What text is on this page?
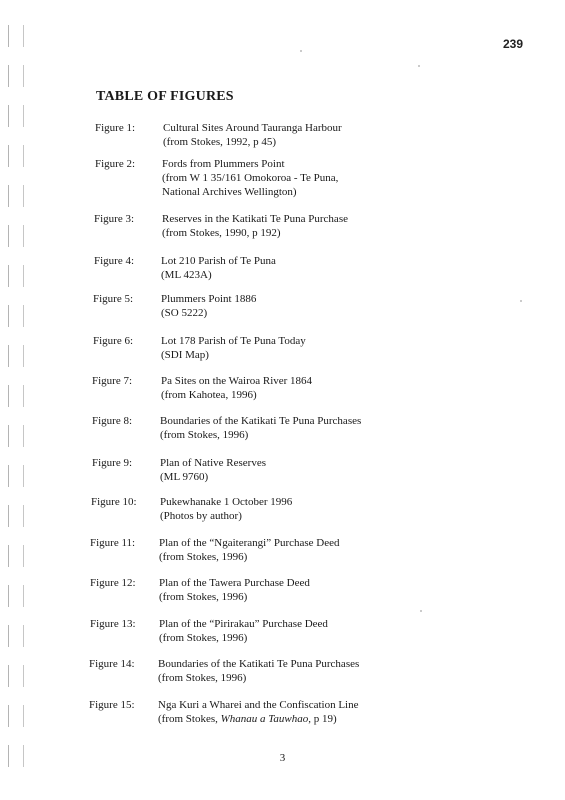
239
TABLE OF FIGURES
Figure 1:	Cultural Sites Around Tauranga Harbour
(from Stokes, 1992, p 45)
Figure 2: Fords from Plummers Point
(from W 1 35/161 Omokoroa - Te Puna,
National Archives Wellington)
Figure 3:	Reserves in the Katikati Te Puna Purchase
(from Stokes, 1990, p 192)
Figure 4: Lot 210 Parish of Te Puna
(ML 423A)
Figure 5:	Plummers Point 1886
(SO 5222)
Figure 6:	Lot 178 Parish of Te Puna Today
(SDI Map)
Figure 7:	Pa Sites on the Wairoa River 1864
(from Kahotea, 1996)
Figure 8:	Boundaries of the Katikati Te Puna Purchases
(from Stokes, 1996)
Figure 9:	Plan of Native Reserves
(ML 9760)
Figure 10: Pukewhanake 1 October 1996
(Photos by author)
Figure 11: Plan of the “Ngaiterangi” Purchase Deed
(from Stokes, 1996)
Figure 12: Plan of the Tawera Purchase Deed
(from Stokes, 1996)
Figure 13: Plan of the “Pirirakau” Purchase Deed
(from Stokes, 1996)
Figure 14: Boundaries of the Katikati Te Puna Purchases
(from Stokes, 1996)
Figure 15: Nga Kuri a Wharei and the Confiscation Line
(from Stokes, Whanau a Tauwhao, p 19)
3
